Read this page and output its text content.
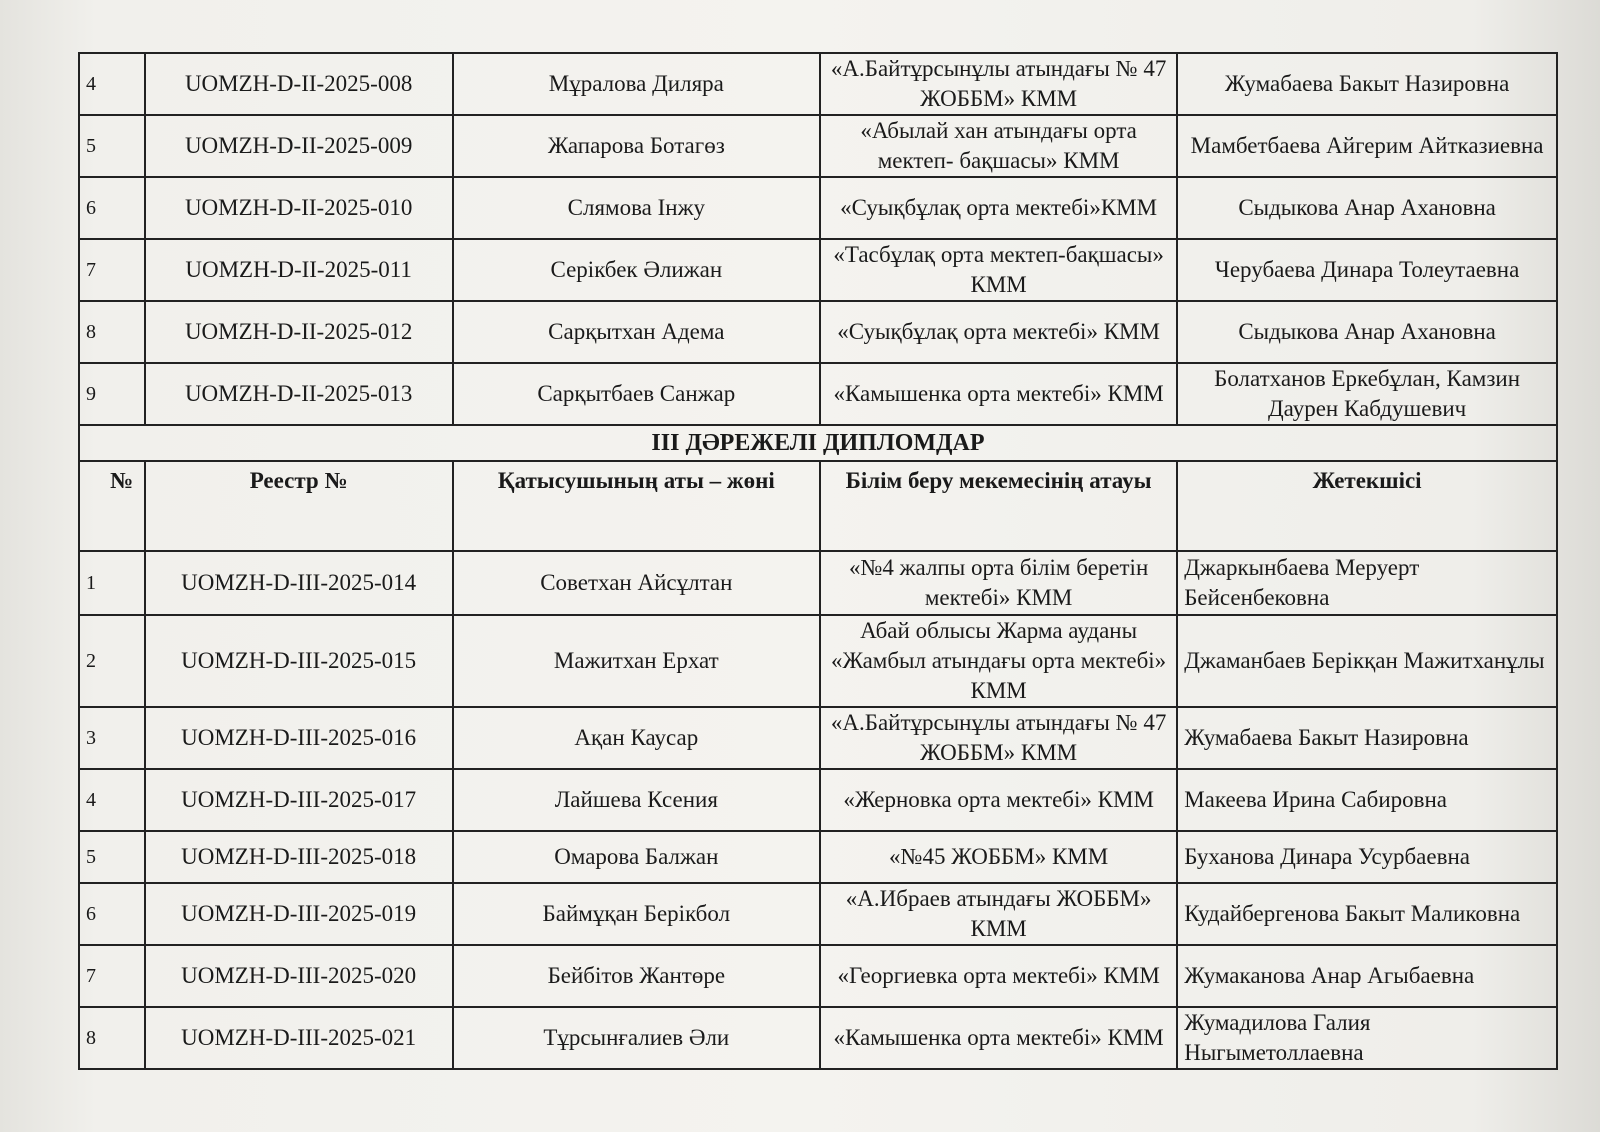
4	UOMZH-D-II-2025-008	Мұралова Диляра	«А.Байтұрсынұлы атындағы № 47 ЖОББМ» КММ	Жумабаева Бакыт Назировна
5	UOMZH-D-II-2025-009	Жапарова Ботагөз	«Абылай хан атындағы орта мектеп- бақшасы» КММ	Мамбетбаева Айгерим Айтказиевна
6	UOMZH-D-II-2025-010	Слямова Інжу	«Суықбұлақ орта мектебі»КММ	Сыдыкова Анар Ахановна
7	UOMZH-D-II-2025-011	Серікбек Әлижан	«Тасбұлақ орта мектеп-бақшасы» КММ	Черубаева Динара Толеутаевна
8	UOMZH-D-II-2025-012	Сарқытхан Адема	«Суықбұлақ орта мектебі» КММ	Сыдыкова Анар Ахановна
9	UOMZH-D-II-2025-013	Сарқытбаев Санжар	«Камышенка орта мектебі» КММ	Болатханов Еркебұлан, Камзин Даурен Кабдушевич
III ДӘРЕЖЕЛІ ДИПЛОМДАР				
№	Реестр №	Қатысушының аты – жөні	Білім беру мекемесінің атауы	Жетекшісі
1	UOMZH-D-III-2025-014	Советхан Айсұлтан	«№4 жалпы орта білім беретін мектебі» КММ	Джаркынбаева Меруерт Бейсенбековна
2	UOMZH-D-III-2025-015	Мажитхан Ерхат	Абай облысы Жарма ауданы «Жамбыл атындағы орта мектебі» КММ	Джаманбаев Берікқан Мажитханұлы
3	UOMZH-D-III-2025-016	Ақан Каусар	«А.Байтұрсынұлы атындағы № 47 ЖОББМ» КММ	Жумабаева Бакыт Назировна
4	UOMZH-D-III-2025-017	Лайшева Ксения	«Жерновка орта мектебі» КММ	Макеева Ирина Сабировна
5	UOMZH-D-III-2025-018	Омарова Балжан	«№45 ЖОББМ» КММ	Буханова Динара Усурбаевна
6	UOMZH-D-III-2025-019	Баймұқан Берікбол	«А.Ибраев атындағы ЖОББМ» КММ	Кудайбергенова Бакыт Маликовна
7	UOMZH-D-III-2025-020	Бейбітов Жантөре	«Георгиевка орта мектебі» КММ	Жумаканова Анар Агыбаевна
8	UOMZH-D-III-2025-021	Тұрсынғалиев Әли	«Камышенка орта мектебі» КММ	Жумадилова Галия Ныгыметоллаевна
